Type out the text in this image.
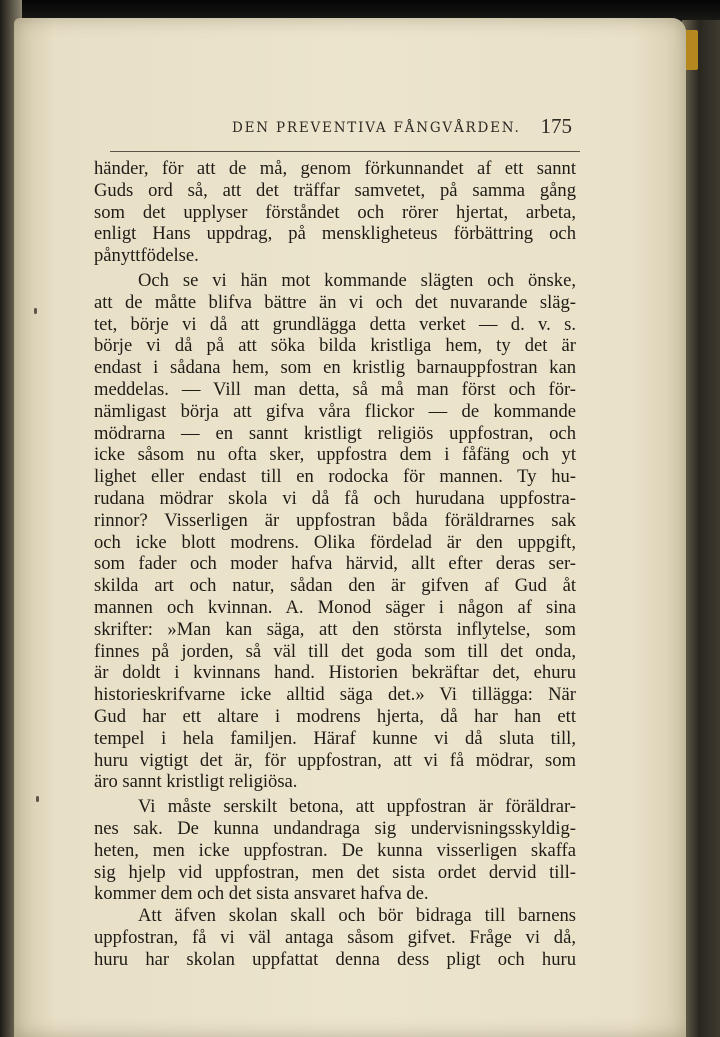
DEN PREVENTIVA FÅNGVÅRDEN. 175
händer, för att de må, genom förkunnandet af ett sannt
Guds ord så, att det träffar samvetet, på samma gång
som det upplyser förståndet och rörer hjertat, arbeta,
enligt Hans uppdrag, på menskligheteus förbättring och
pånyttfödelse.
Och se vi hän mot kommande slägten och önske,
att de måtte blifva bättre än vi och det nuvarande släg-
tet, börje vi då att grundlägga detta verket — d. v. s.
börje vi då på att söka bilda kristliga hem, ty det är
endast i sådana hem, som en kristlig barnauppfostran kan
meddelas. — Vill man detta, så må man först och för-
nämligast börja att gifva våra flickor — de kommande
mödrarna — en sannt kristligt religiös uppfostran, och
icke såsom nu ofta sker, uppfostra dem i fåfäng och yt
lighet eller endast till en rodocka för mannen. Ty hu-
rudana mödrar skola vi då få och hurudana uppfostra-
rinnor? Visserligen är uppfostran båda föräldrarnes sak
och icke blott modrens. Olika fördelad är den uppgift,
som fader och moder hafva härvid, allt efter deras ser-
skilda art och natur, sådan den är gifven af Gud åt
mannen och kvinnan. A. Monod säger i någon af sina
skrifter: »Man kan säga, att den största inflytelse, som
finnes på jorden, så väl till det goda som till det onda,
är doldt i kvinnans hand. Historien bekräftar det, ehuru
historieskrifvarne icke alltid säga det.» Vi tillägga: När
Gud har ett altare i modrens hjerta, då har han ett
tempel i hela familjen. Häraf kunne vi då sluta till,
huru vigtigt det är, för uppfostran, att vi få mödrar, som
äro sannt kristligt religiösa.
Vi måste serskilt betona, att uppfostran är föräldrar-
nes sak. De kunna undandraga sig undervisningsskyldig-
heten, men icke uppfostran. De kunna visserligen skaffa
sig hjelp vid uppfostran, men det sista ordet dervid till-
kommer dem och det sista ansvaret hafva de.
Att äfven skolan skall och bör bidraga till barnens
uppfostran, få vi väl antaga såsom gifvet. Fråge vi då,
huru har skolan uppfattat denna dess pligt och huru
